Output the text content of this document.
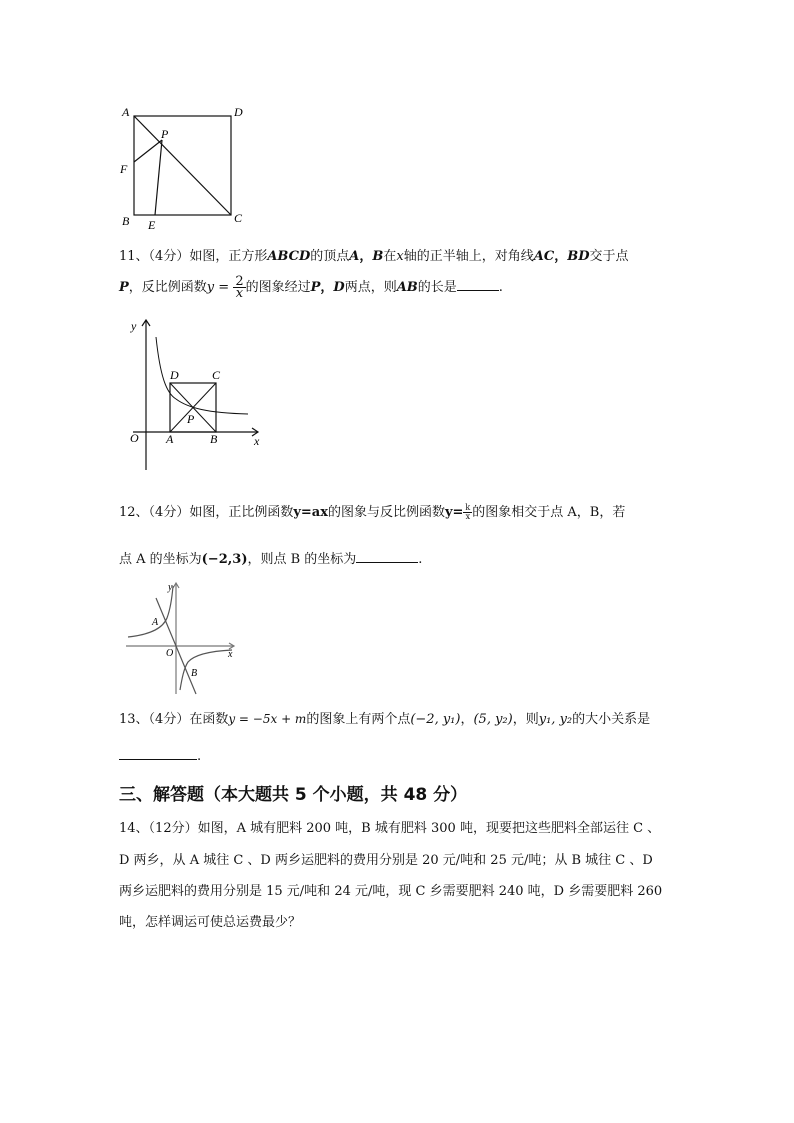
A	D
P
F
B E	C
11、（4分）如图，正方形ABCD的顶点A，B在x轴的正半轴上，对角线AC，BD交于点
P，反比例函数$y = \frac{2}{x}$ 的图象经过P，D两点，则AB的长是	.
y
D	C
P
O A	B	x
12、（4分）如图，正比例函数y=ax的图象与反比例函数$y= \frac{k}{x}$ 的图象相交于点 A，B，若
点 A 的坐标为(−2,3)，则点 B 的坐标为	.
y
A
O	x
B
13、（4分）在函数y = −5x + m的图象上有两个点(−2, y₁)，(5, y₂)，则y₁, y₂的大小关系是
.
三、解答题（本大题共 5 个小题，共 48 分）
14、（12分）如图，A 城有肥料 200 吨，B 城有肥料 300 吨，现要把这些肥料全部运往 C 、
D 两乡，从 A 城往 C 、D 两乡运肥料的费用分别是 20 元/吨和 25 元/吨；从 B 城往 C 、D
两乡运肥料的费用分别是 15 元/吨和 24 元/吨，现 C 乡需要肥料 240 吨，D 乡需要肥料 260
吨，怎样调运可使总运费最少？
